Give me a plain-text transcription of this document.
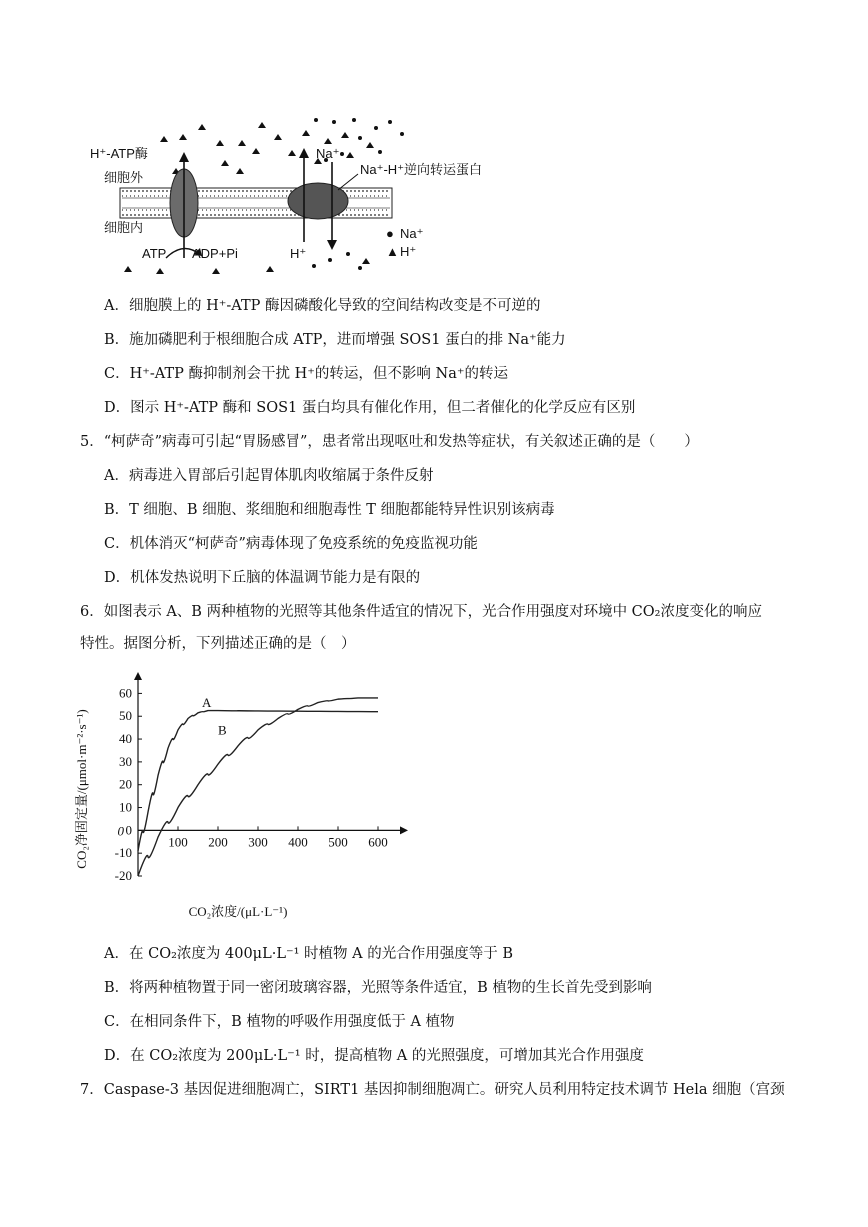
H⁺-ATP酶
细胞外
细胞内
ATP ADP+Pi
Na⁺
Na⁺-H⁺逆向转运蛋白
H⁺
● Na⁺
▲ H⁺
A．细胞膜上的 H⁺-ATP 酶因磷酸化导致的空间结构改变是不可逆的
B．施加磷肥利于根细胞合成 ATP，进而增强 SOS1 蛋白的排 Na⁺能力
C．H⁺-ATP 酶抑制剂会干扰 H⁺的转运，但不影响 Na⁺的转运
D．图示 H⁺-ATP 酶和 SOS1 蛋白均具有催化作用，但二者催化的化学反应有区别
5．“柯萨奇”病毒可引起“胃肠感冒”，患者常出现呕吐和发热等症状，有关叙述正确的是（　　）
A．病毒进入胃部后引起胃体肌肉收缩属于条件反射
B．T 细胞、B 细胞、浆细胞和细胞毒性 T 细胞都能特异性识别该病毒
C．机体消灭“柯萨奇”病毒体现了免疫系统的免疫监视功能
D．机体发热说明下丘脑的体温调节能力是有限的
6．如图表示 A、B 两种植物的光照等其他条件适宜的情况下，光合作用强度对环境中 CO₂浓度变化的响应
特性。据图分析，下列描述正确的是（　）
-20
-10
0
10
20
30
40
50
60
0
100 200 300 400 500 600
A
B
CO₂净固定量/(μmol·m⁻²·s⁻¹)
CO₂浓度/(μL·L⁻¹)
A．在 CO₂浓度为 400μL·L⁻¹ 时植物 A 的光合作用强度等于 B
B．将两种植物置于同一密闭玻璃容器，光照等条件适宜，B 植物的生长首先受到影响
C．在相同条件下，B 植物的呼吸作用强度低于 A 植物
D．在 CO₂浓度为 200μL·L⁻¹ 时，提高植物 A 的光照强度，可增加其光合作用强度
7．Caspase-3 基因促进细胞凋亡，SIRT1 基因抑制细胞凋亡。研究人员利用特定技术调节 Hela 细胞（宫颈
